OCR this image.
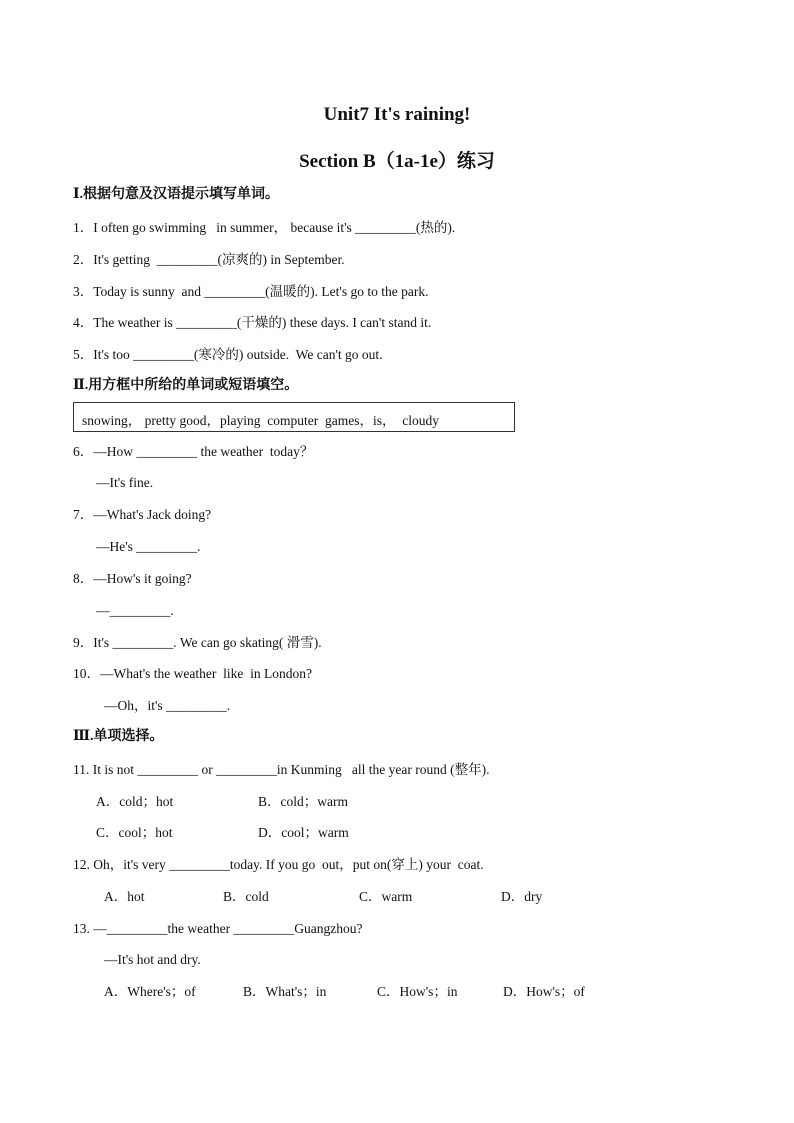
Unit7 It's raining!
Section B（1a-1e）练习
Ⅰ.根据句意及汉语提示填写单词。
1．I often go swimming   in summer， because it's _________(热的).
2．It's getting  _________(凉爽的) in September.
3．Today is sunny  and _________(温暖的). Let's go to the park.
4．The weather is _________(干燥的) these days. I can't stand it.
5．It's too _________(寒冷的) outside.  We can't go out.
Ⅱ.用方框中所给的单词或短语填空。
snowing， pretty good，playing  computer  games，is，  cloudy
6．—How _________ the weather  today？
—It's fine.
7．—What's Jack doing?
—He's _________.
8．—How's it going?
—_________.
9．It's _________. We can go skating( 滑雪).
10．—What's the weather  like  in London?
—Oh，it's _________.
Ⅲ.单项选择。
11. It is not _________ or _________in Kunming   all the year round (整年).
A．cold；hot	B．cold；warm
C．cool；hot	D．cool；warm
12. Oh，it's very _________today. If you go  out，put on(穿上) your  coat.
A．hot	B．cold	C．warm	D．dry
13. —_________the weather _________Guangzhou?
—It's hot and dry.
A．Where's；of	B．What's；in	C．How's；in	D．How's；of
